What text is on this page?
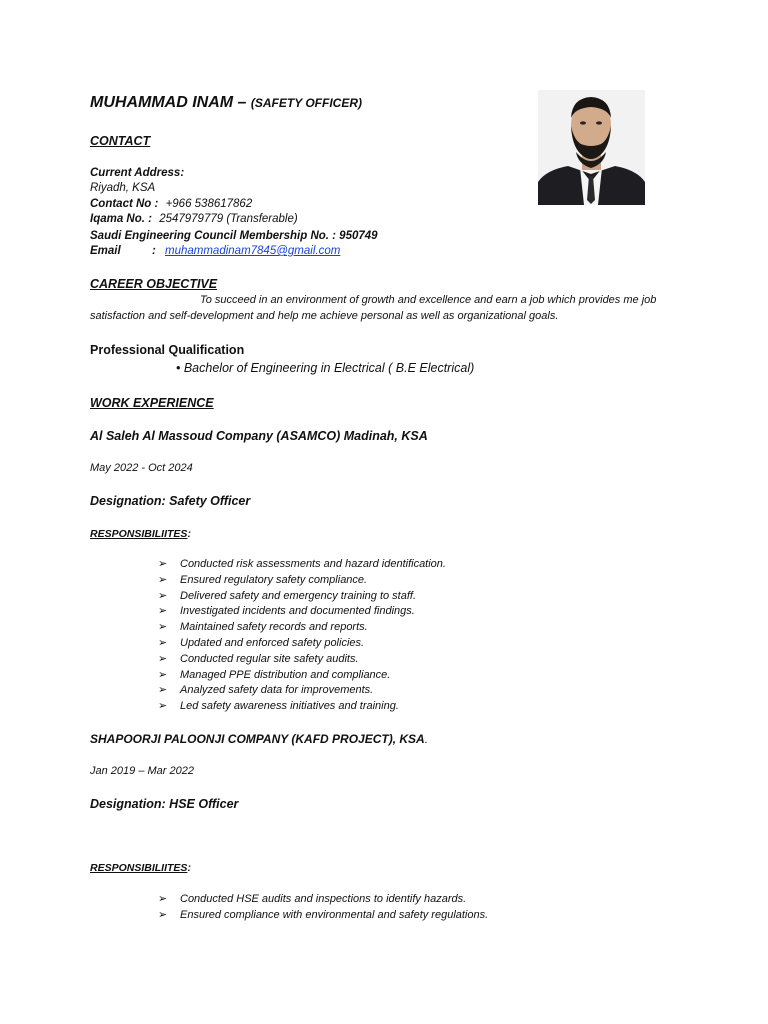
MUHAMMAD INAM – (SAFETY OFFICER)
CONTACT
Current Address:
Riyadh, KSA
Contact No : +966 538617862
Iqama No. : 2547979779 (Transferable)
Saudi Engineering Council Membership No. : 950749
Email	: muhammadinam7845@gmail.com
CAREER OBJECTIVE
To succeed in an environment of growth and excellence and earn a job which provides me job
satisfaction and self-development and help me achieve personal as well as organizational goals.
Professional Qualification
• Bachelor of Engineering in Electrical ( B.E Electrical)
WORK EXPERIENCE
Al Saleh Al Massoud Company (ASAMCO) Madinah, KSA
May 2022 - Oct 2024
Designation: Safety Officer
RESPONSIBILIITES:
➢ Conducted risk assessments and hazard identification.
➢ Ensured regulatory safety compliance.
➢ Delivered safety and emergency training to staff.
➢ Investigated incidents and documented findings.
➢ Maintained safety records and reports.
➢ Updated and enforced safety policies.
➢ Conducted regular site safety audits.
➢ Managed PPE distribution and compliance.
➢ Analyzed safety data for improvements.
➢ Led safety awareness initiatives and training.
SHAPOORJI PALOONJI COMPANY (KAFD PROJECT), KSA.
Jan 2019 – Mar 2022
Designation: HSE Officer
RESPONSIBILIITES:
➢ Conducted HSE audits and inspections to identify hazards.
➢ Ensured compliance with environmental and safety regulations.
